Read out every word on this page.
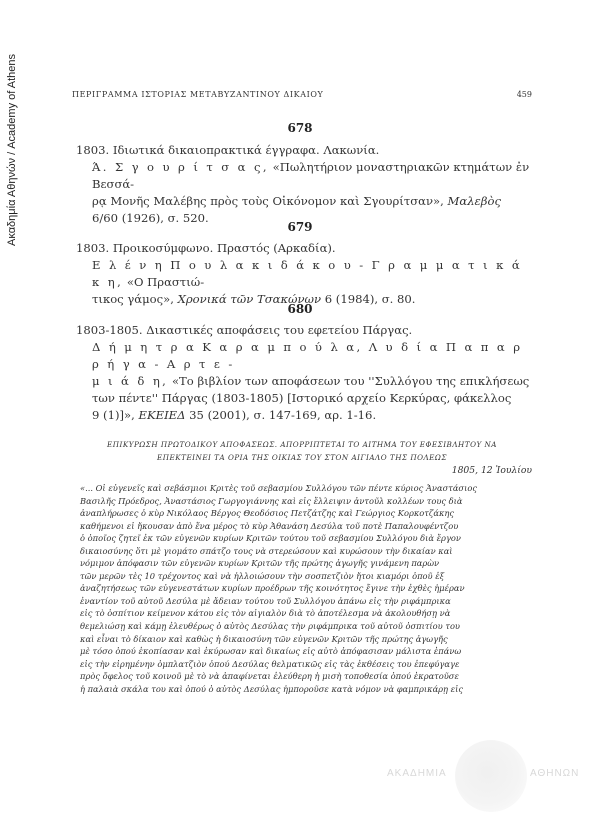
Ακαδημία Αθηνών / Academy of Athens	ΠΕΡΙΓΡΑΜΜΑ ΙΣΤΟΡΙΑΣ ΜΕΤΑΒΥΖΑΝΤΙΝΟΥ ΔΙΚΑΙΟΥ	459
678
1803. Ιδιωτικά δικαιοπρακτικά έγγραφα. Λακωνία.
Ά. Σ γ ο υ ρ ί τ σ α ς, «Πωλητήριον μοναστηριακῶν κτημάτων ἐν Βεσσά-
ρᾳ Μονῆς Μαλέβης πρὸς τοὺς Οἰκόνομον καὶ Σγουρίτσαν», Μαλεβὸς
6/60 (1926), σ. 520.
679
1803. Προικοσύμφωνο. Πραστός (Αρκαδία).
Ε λ έ ν η Π ο υ λ α κ ι δ ά κ ο υ - Γ ρ α μ μ α τ ι κ ά κ η, «Ο Πραστιώ-
τικος γάμος», Χρονικά τῶν Τσακώνων 6 (1984), σ. 80.
680
1803-1805. Δικαστικές αποφάσεις του εφετείου Πάργας.
Δ ή μ η τ ρ α Κ α ρ α μ π ο ύ λ α, Λ υ δ ί α Π α π α ρ ρ ή γ α - Α ρ τ ε -
μ ι ά δ η, «Το βιβλίον των αποφάσεων του ''Συλλόγου της επικλήσεως
των πέντε'' Πάργας (1803-1805) [Ιστορικό αρχείο Κερκύρας, φάκελλος
9 (1)]», ΕΚΕΙΕΔ 35 (2001), σ. 147-169, αρ. 1-16.
ΕΠΙΚΥΡΩΣΗ ΠΡΩΤΟΔΙΚΟΥ ΑΠΟΦΑΣΕΩΣ. ΑΠΟΡΡΙΠΤΕΤΑΙ ΤΟ ΑΙΤΗΜΑ ΤΟΥ ΕΦΕΣΙΒΛΗΤΟΥ ΝΑ
ΕΠΕΚΤΕΙΝΕΙ ΤΑ ΟΡΙΑ ΤΗΣ ΟΙΚΙΑΣ ΤΟΥ ΣΤΟΝ ΑΙΓΙΑΛΟ ΤΗΣ ΠΟΛΕΩΣ
1805, 12 Ἰουλίου
«... Οἱ εὐγενεῖς καὶ σεβάσμιοι Κριτὲς τοῦ σεβασμίου Συλλόγου τῶν πέντε κύριος Ἀναστάσιος
Βασιλῆς Πρόεδρος, Ἀναστάσιος Γωργογιάννης καὶ εἰς ἔλλειψιν ἀντοῦλ κολλέων τους διὰ
ἀναπλήρωσες ὁ κὺρ Νικόλαος Βέργος Θεοδόσιος Πετζάτζης καὶ Γεώργιος Κορκοτζάκης
καθήμενοι εἰ ἤκουσαν ἀπὸ ἕνα μέρος τὸ κὺρ Ἀθανάση Δεσύλα τοῦ ποτὲ Παπαλουφέντζου
ὁ ὁποῖος ζητεῖ ἐκ τῶν εὐγενῶν κυρίων Κριτῶν τούτου τοῦ σεβασμίου Συλλόγου διὰ ἔργον
δικαιοσύνης ὅτι μὲ γιομάτο σπάτζο τους νὰ στερεώσουν καὶ κυρώσουν τὴν δικαίαν καὶ
νόμιμον ἀπόφασιν τῶν εὐγενῶν κυρίων Κριτῶν τῆς πρώτης ἀγωγῆς γινάμενη παρὼν
τῶν μερῶν τὲς 10 τρέχοντος καὶ νὰ ἡλλοιώσουν τὴν σοσπετζιὸν ἤτοι κιαμόρι ὁποῦ ἐξ
ἀναζητήσεως τῶν εὐγενεστάτων κυρίων προέδρων τῆς κοινότητος ἔγινε τὴν ἐχθὲς ἡμέραν
ἐναντίον τοῦ αὐτοῦ Δεσύλα μὲ ἄδειαν τούτου τοῦ Συλλόγου ἀπάνω εἰς τὴν ριφάμπρικα
εἰς τὸ ὀσπίτιον κείμενον κάτου εἰς τὸν αἰγιαλὸν διὰ τὸ ἀποτέλεσμα νὰ ἀκολουθήσῃ νὰ
θεμελιώσῃ καὶ κάμῃ ἐλευθέρως ὁ αὐτὸς Δεσύλας τὴν ριφάμπρικα τοῦ αὐτοῦ ὀσπιτίου του
καὶ εἶναι τὸ δίκαιον καὶ καθὼς ἡ δικαιοσύνη τῶν εὐγενῶν Κριτῶν τῆς πρώτης ἀγωγῆς
μὲ τόσο ὁπού ἐκοπίασαν καὶ ἐκύρωσαν καὶ δικαίως εἰς αὐτὸ ἀπόφασισαν μάλιστα ἐπάνω
εἰς τὴν εἰρημένην ὁμπλατζιὸν ὁπού Δεσύλας θελματικῶς εἰς τὰς ἐκθέσεις του ἐπεφύγαγε
πρὸς ὄφελος τοῦ κοινοῦ μὲ τὸ νὰ ἀπαφίνεται ἐλεύθερη ἡ μισὴ τοποθεσία ὁπού ἐκρατοῦσε
ἡ παλαιὰ σκάλα του καὶ ὁπού ὁ αὐτὸς Δεσύλας ἠμποροῦσε κατὰ νόμον νὰ φαμπρικάρῃ εἰς
ΑΚΑΔΗΜΙΑ	ΑΘΗΝΩΝ
